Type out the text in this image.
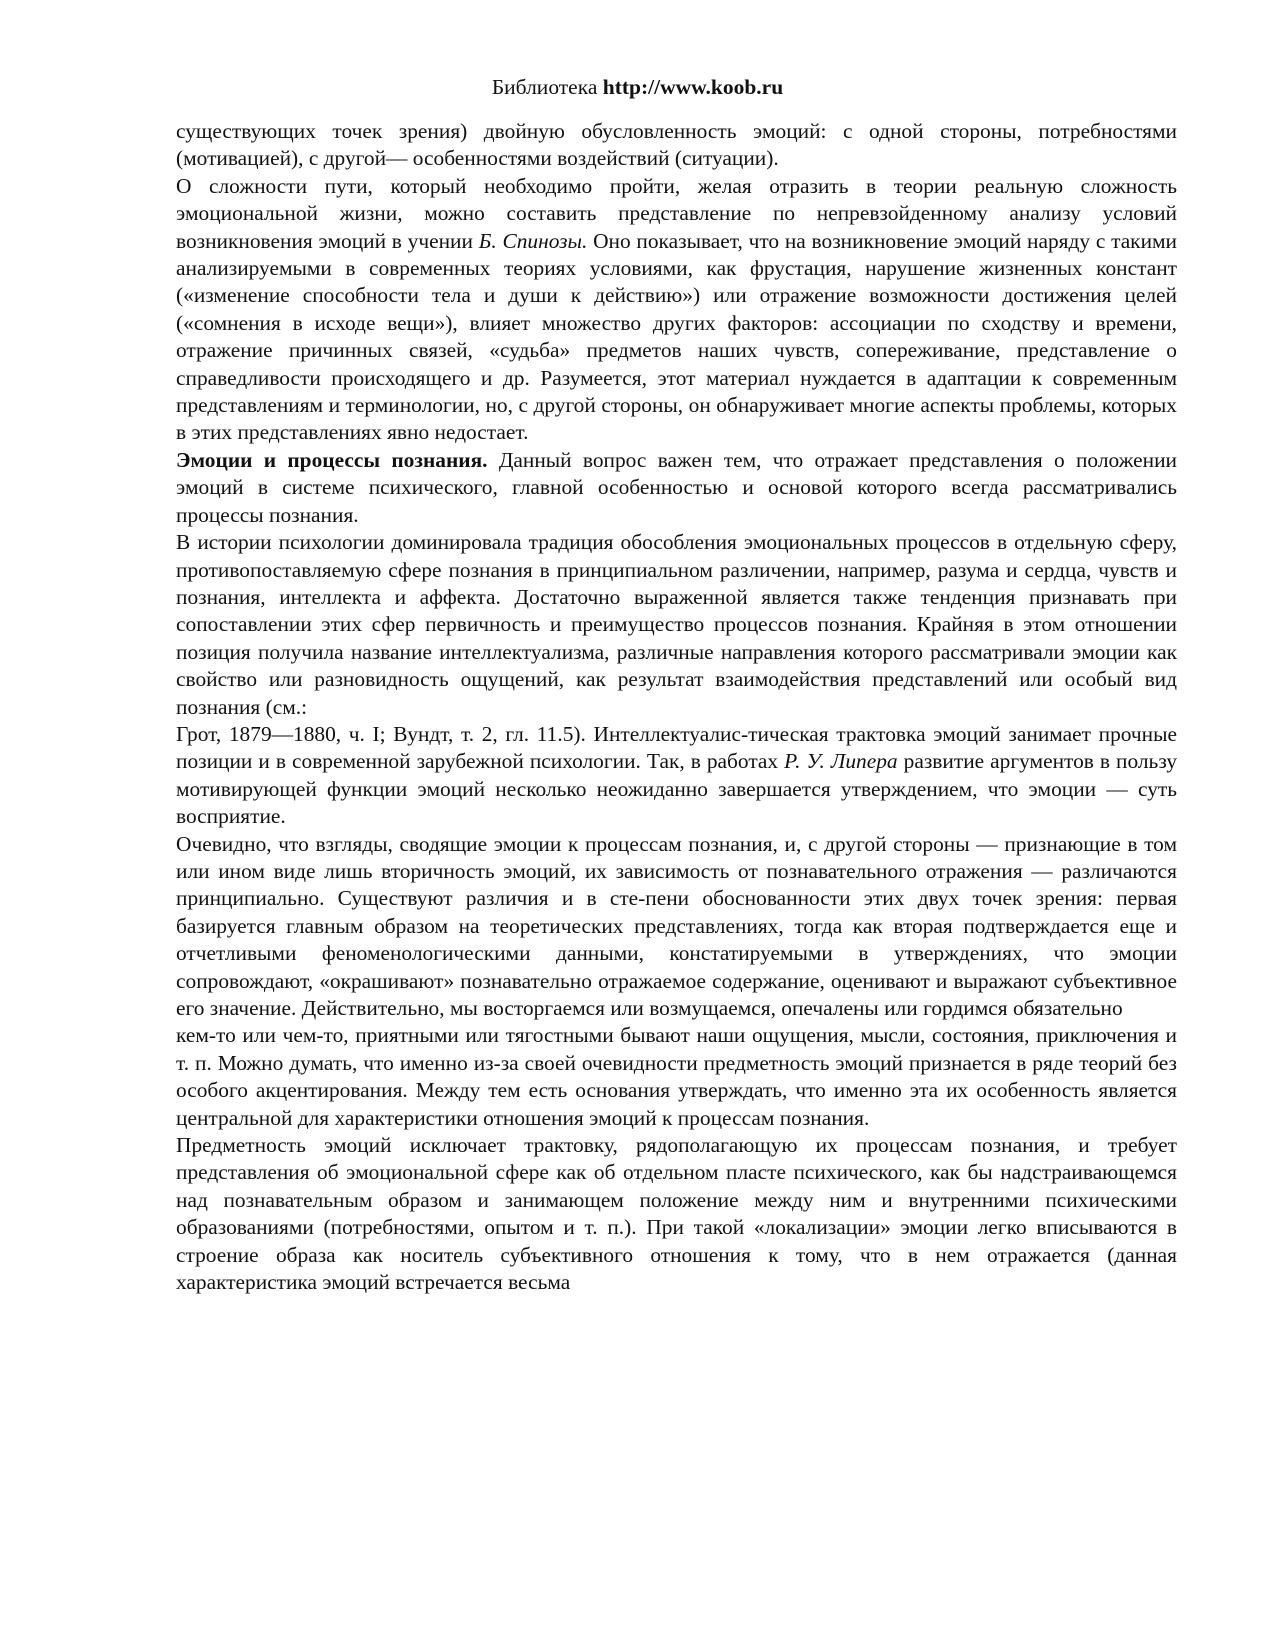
Библиотека http://www.koob.ru

существующих точек зрения) двойную обусловленность эмоций: с одной стороны, потребностями (мотивацией), с другой— особенностями воздействий (ситуации).

О сложности пути, который необходимо пройти, желая отразить в теории реальную сложность эмоциональной жизни, можно составить представление по непревзойденному анализу условий возникновения эмоций в учении Б. Спинозы. Оно показывает, что на возникновение эмоций наряду с такими анализируемыми в современных теориях условиями, как фрустация, нарушение жизненных констант («изменение способности тела и души к действию») или отражение возможности достижения целей («сомнения в исходе вещи»), влияет множество других факторов: ассоциации по сходству и времени, отражение причинных связей, «судьба» предметов наших чувств, сопереживание, представление о справедливости происходящего и др. Разумеется, этот материал нуждается в адаптации к современным представлениям и терминологии, но, с другой стороны, он обнаруживает многие аспекты проблемы, которых в этих представлениях явно недостает.

Эмоции и процессы познания. Данный вопрос важен тем, что отражает представления о положении эмоций в системе психического, главной особенностью и основой которого всегда рассматривались процессы познания.

В истории психологии доминировала традиция обособления эмоциональных процессов в отдельную сферу, противопоставляемую сфере познания в принципиальном различении, например, разума и сердца, чувств и познания, интеллекта и аффекта. Достаточно выраженной является также тенденция признавать при сопоставлении этих сфер первичность и преимущество процессов познания. Крайняя в этом отношении позиция получила название интеллектуализма, различные направления которого рассматривали эмоции как свойство или разновидность ощущений, как результат взаимодействия представлений или особый вид познания (см.:

Грот, 1879—1880, ч. I; Вундт, т. 2, гл. 11.5). Интеллектуалис-тическая трактовка эмоций занимает прочные позиции и в современной зарубежной психологии. Так, в работах Р. У. Липера развитие аргументов в пользу мотивирующей функции эмоций несколько неожиданно завершается утверждением, что эмоции — суть восприятие.

Очевидно, что взгляды, сводящие эмоции к процессам познания, и, с другой стороны — признающие в том или ином виде лишь вторичность эмоций, их зависимость от познавательного отражения — различаются принципиально. Существуют различия и в сте-пени обоснованности этих двух точек зрения: первая базируется главным образом на теоретических представлениях, тогда как вторая подтверждается еще и отчетливыми феноменологическими данными, констатируемыми в утверждениях, что эмоции сопровождают, «окрашивают» познавательно отражаемое содержание, оценивают и выражают субъективное его значение. Действительно, мы восторгаемся или возмущаемся, опечалены или гордимся обязательно

кем-то или чем-то, приятными или тягостными бывают наши ощущения, мысли, состояния, приключения и т. п. Можно думать, что именно из-за своей очевидности предметность эмоций признается в ряде теорий без особого акцентирования. Между тем есть основания утверждать, что именно эта их особенность является центральной для характеристики отношения эмоций к процессам познания.

Предметность эмоций исключает трактовку, рядополагающую их процессам познания, и требует представления об эмоциональной сфере как об отдельном пласте психического, как бы надстраивающемся над познавательным образом и занимающем положение между ним и внутренними психическими образованиями (потребностями, опытом и т. п.). При такой «локализации» эмоции легко вписываются в строение образа как носитель субъективного отношения к тому, что в нем отражается (данная характеристика эмоций встречается весьма
